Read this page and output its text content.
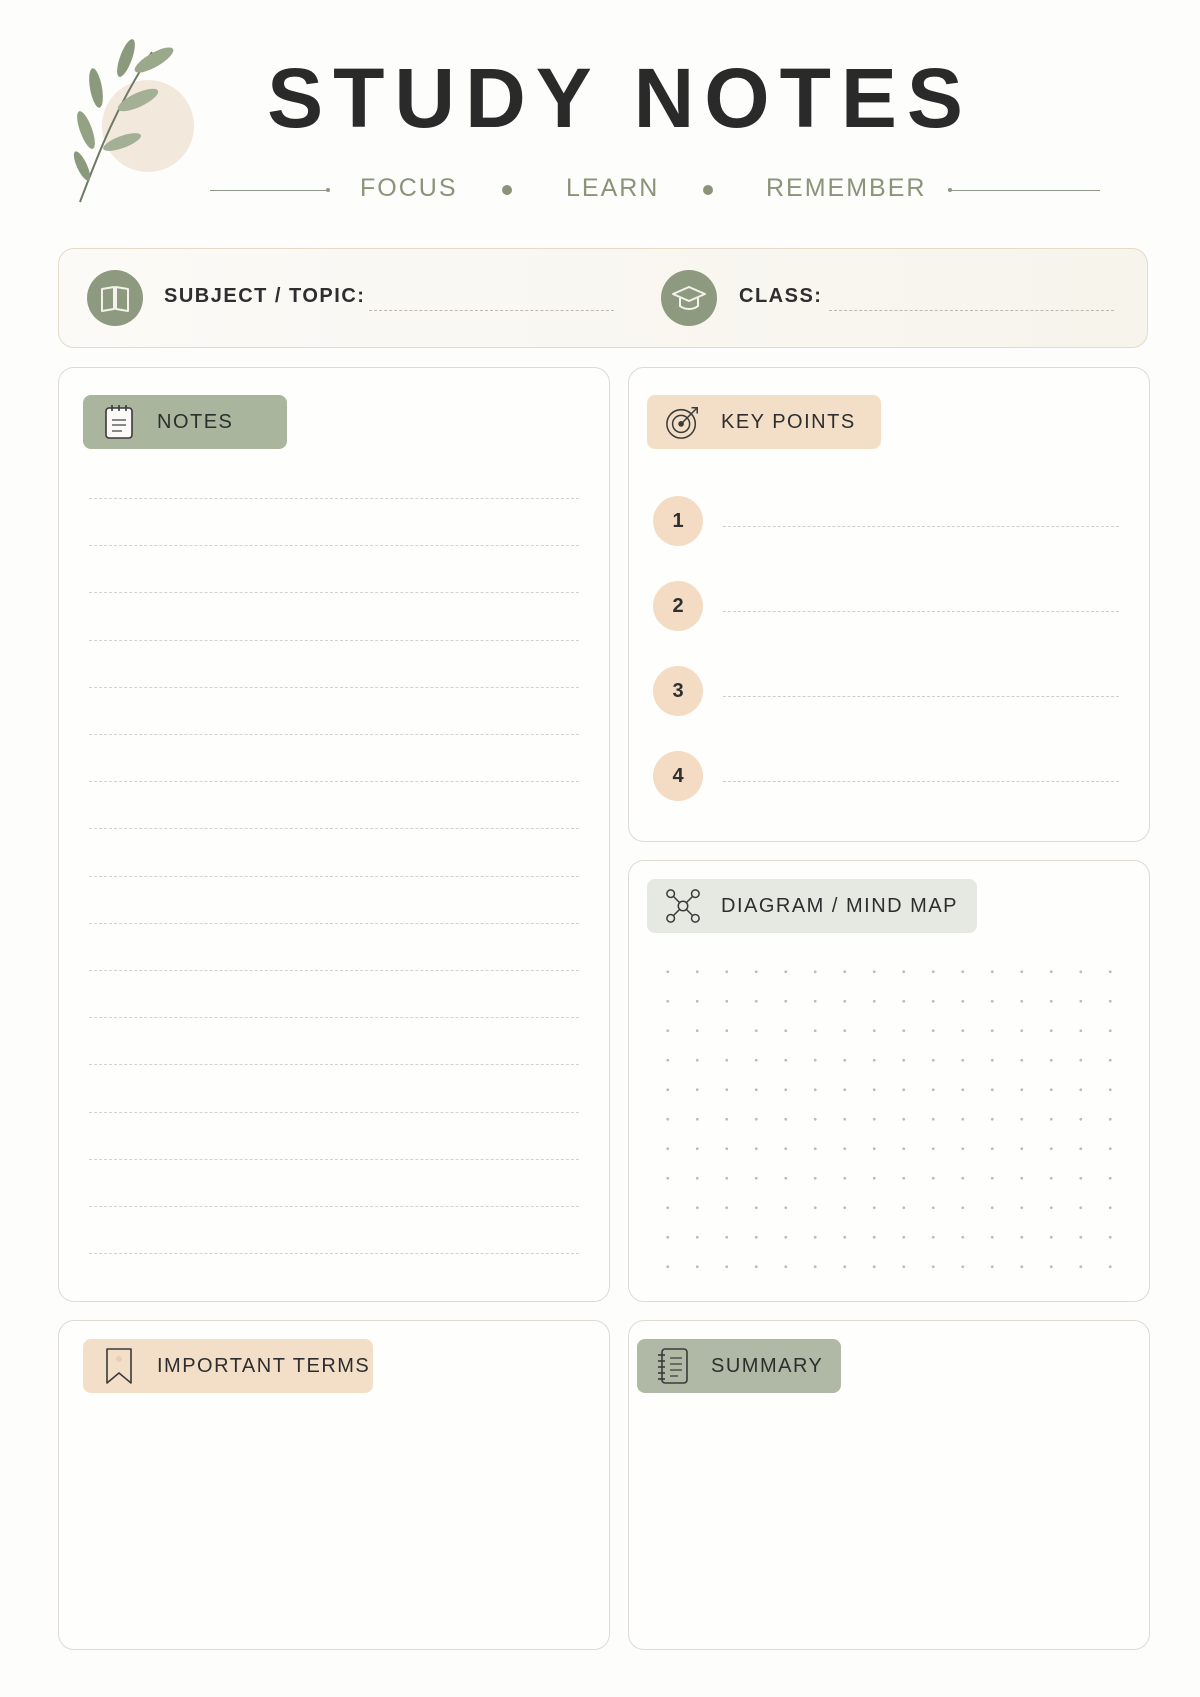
STUDY NOTES
FOCUS	LEARN	REMEMBER
SUBJECT / TOPIC:	CLASS:
NOTES	KEY POINTS
1
2
3
4
DIAGRAM / MIND MAP
IMPORTANT TERMS	SUMMARY
